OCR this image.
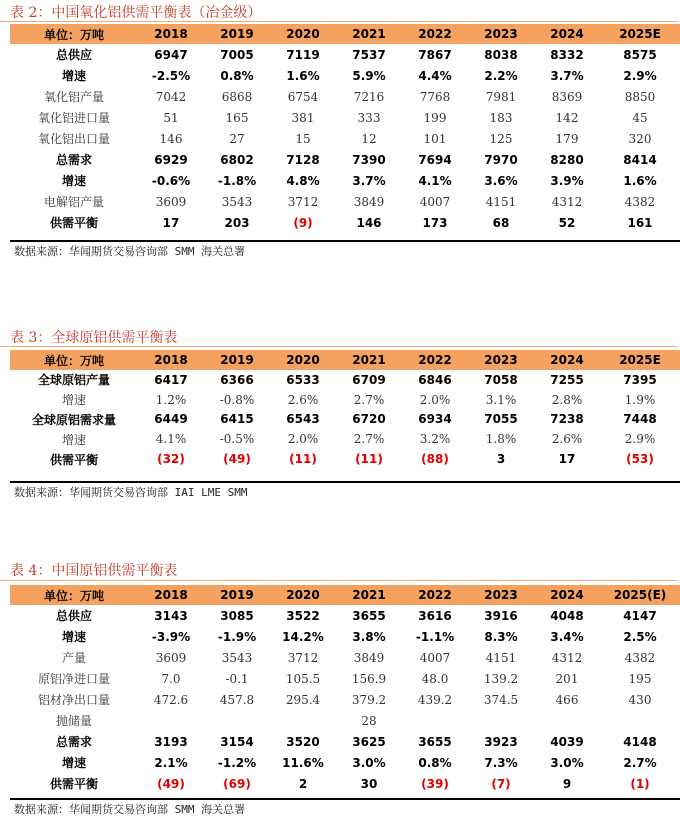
表 2：中国氧化铝供需平衡表（冶金级）
单位：万吨	2018	2019	2020	2021	2022	2023	2024	2025E
总供应	6947	7005	7119	7537	7867	8038	8332	8575
增速	-2.5%	0.8%	1.6%	5.9%	4.4%	2.2%	3.7%	2.9%
氧化铝产量	7042	6868	6754	7216	7768	7981	8369	8850
氧化铝进口量	51	165	381	333	199	183	142	45
氧化铝出口量	146	27	15	12	101	125	179	320
总需求	6929	6802	7128	7390	7694	7970	8280	8414
增速	-0.6%	-1.8%	4.8%	3.7%	4.1%	3.6%	3.9%	1.6%
电解铝产量	3609	3543	3712	3849	4007	4151	4312	4382
供需平衡	17	203	(9)	146	173	68	52	161
数据来源：华闻期货交易咨询部 SMM 海关总署
表 3：全球原铝供需平衡表
单位：万吨	2018	2019	2020	2021	2022	2023	2024	2025E
全球原铝产量	6417	6366	6533	6709	6846	7058	7255	7395
增速	1.2%	-0.8%	2.6%	2.7%	2.0%	3.1%	2.8%	1.9%
全球原铝需求量	6449	6415	6543	6720	6934	7055	7238	7448
增速	4.1%	-0.5%	2.0%	2.7%	3.2%	1.8%	2.6%	2.9%
供需平衡	(32)	(49)	(11)	(11)	(88)	3	17	(53)
数据来源：华闻期货交易咨询部 IAI LME SMM
表 4：中国原铝供需平衡表
单位：万吨	2018	2019	2020	2021	2022	2023	2024	2025(E)
总供应	3143	3085	3522	3655	3616	3916	4048	4147
增速	-3.9%	-1.9%	14.2%	3.8%	-1.1%	8.3%	3.4%	2.5%
产量	3609	3543	3712	3849	4007	4151	4312	4382
原铝净进口量	7.0	-0.1	105.5	156.9	48.0	139.2	201	195
铝材净出口量	472.6	457.8	295.4	379.2	439.2	374.5	466	430
抛储量				28				
总需求	3193	3154	3520	3625	3655	3923	4039	4148
增速	2.1%	-1.2%	11.6%	3.0%	0.8%	7.3%	3.0%	2.7%
供需平衡	(49)	(69)	2	30	(39)	(7)	9	(1)
数据来源：华闻期货交易咨询部 SMM 海关总署
